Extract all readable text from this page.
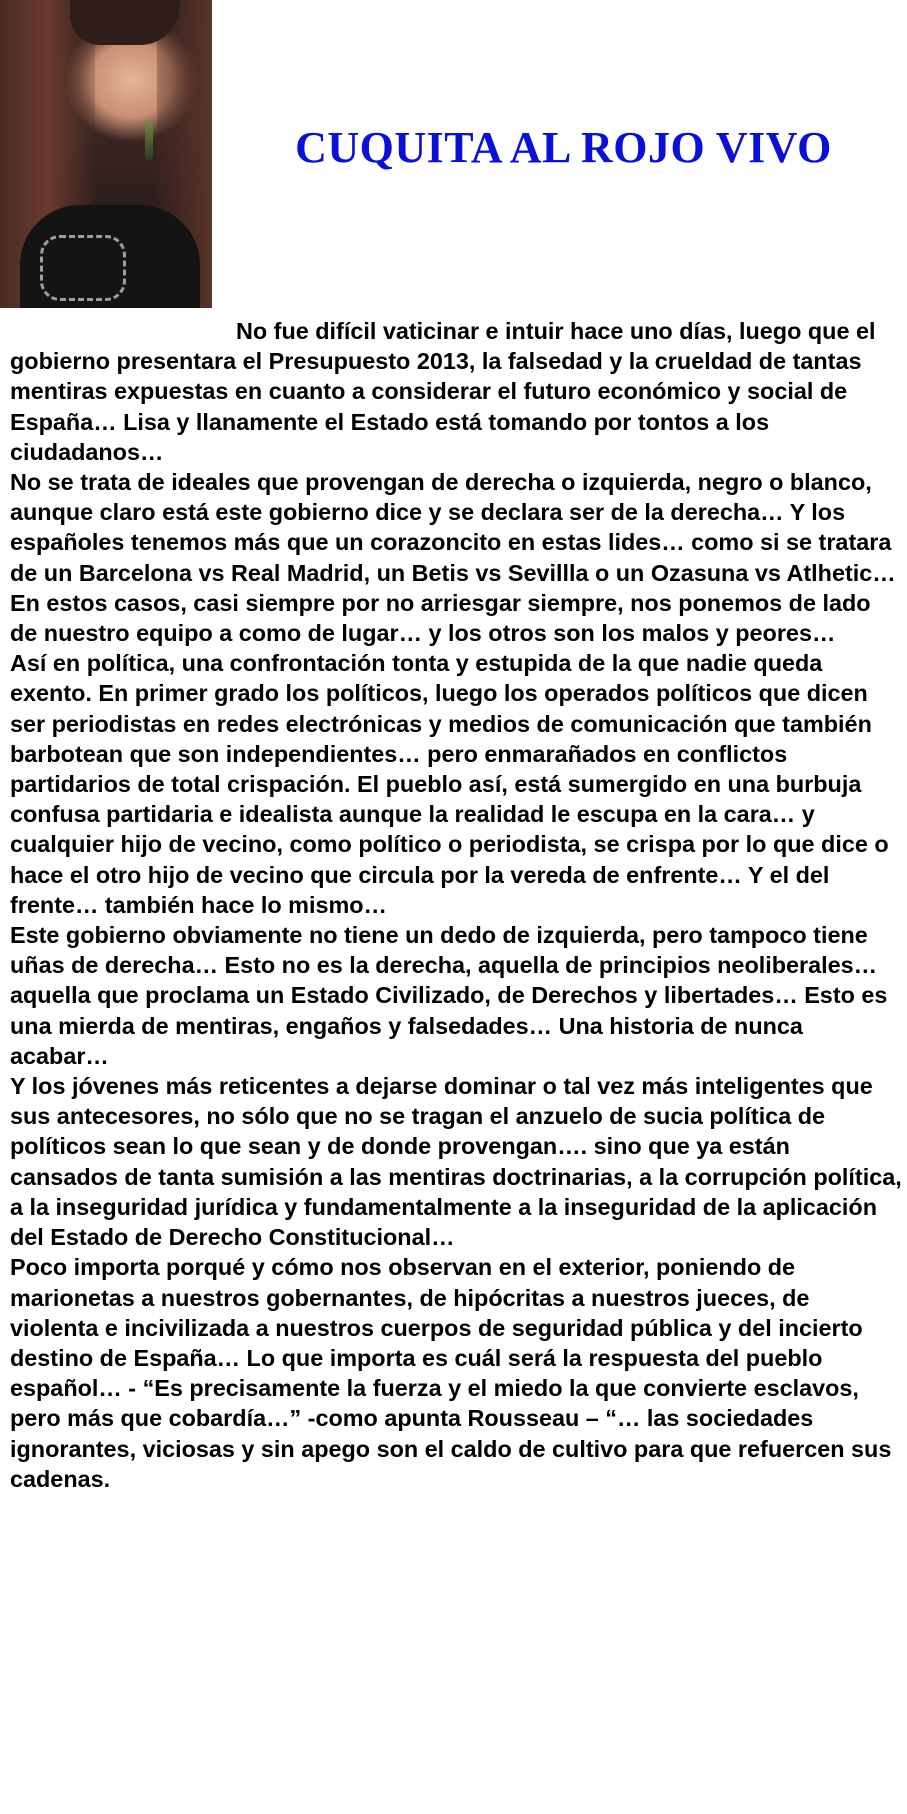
CUQUITA AL ROJO VIVO

No fue difícil vaticinar e intuir hace uno días, luego que el gobierno presentara el Presupuesto 2013, la falsedad y la crueldad de tantas mentiras expuestas en cuanto a considerar el futuro económico y social de España… Lisa y llanamente el Estado está tomando por tontos a los ciudadanos…

No se trata de ideales que provengan de derecha o izquierda, negro o blanco, aunque claro está este gobierno dice y se declara ser de la derecha… Y los españoles tenemos más que un corazoncito en estas lides… como si se tratara de un Barcelona vs Real Madrid, un Betis vs Sevillla o un Ozasuna vs Atlhetic… En estos casos, casi siempre por no arriesgar siempre, nos ponemos de lado de nuestro equipo a como de lugar… y los otros son los malos y peores…

Así en política, una confrontación tonta y estupida de la que nadie queda exento. En primer grado los políticos, luego los operados políticos que dicen ser periodistas en redes electrónicas y medios de comunicación que también barbotean que son independientes… pero enmarañados en conflictos partidarios de total crispación. El pueblo así, está sumergido en una burbuja confusa partidaria e idealista aunque la realidad le escupa en la cara… y cualquier hijo de vecino, como político o periodista, se crispa por lo que dice o hace el otro hijo de vecino que circula por la vereda de enfrente… Y el del frente… también hace lo mismo…

Este gobierno obviamente no tiene un dedo de izquierda, pero tampoco tiene uñas de derecha… Esto no es la derecha, aquella de principios neoliberales… aquella que proclama un Estado Civilizado, de Derechos y libertades… Esto es una mierda de mentiras, engaños y falsedades… Una historia de nunca acabar…

Y los jóvenes más reticentes a dejarse dominar o tal vez más inteligentes que sus antecesores, no sólo que no se tragan el anzuelo de sucia política de políticos sean lo que sean y de donde provengan…. sino que ya están cansados de tanta sumisión a las mentiras doctrinarias, a la corrupción política, a la inseguridad jurídica y fundamentalmente a la inseguridad de la aplicación del Estado de Derecho Constitucional…

Poco importa porqué y cómo nos observan en el exterior, poniendo de marionetas a nuestros gobernantes, de hipócritas a nuestros jueces, de violenta e incivilizada a nuestros cuerpos de seguridad pública y del incierto destino de España… Lo que importa es cuál será la respuesta del pueblo español… - “Es precisamente la fuerza y el miedo la que convierte esclavos, pero más que cobardía…” -como apunta Rousseau – “… las sociedades ignorantes, viciosas y sin apego son el caldo de cultivo para que refuercen sus cadenas.
